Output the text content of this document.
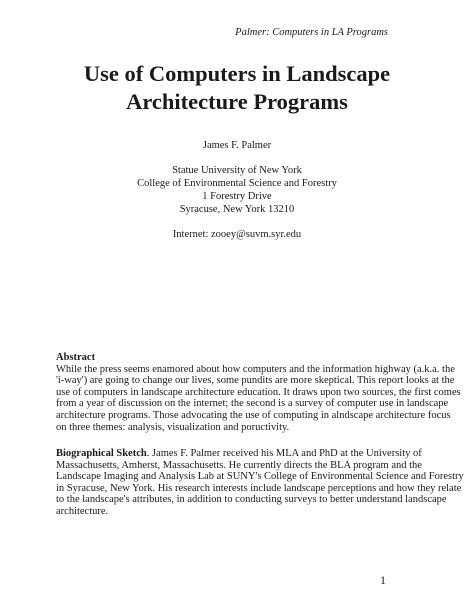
Palmer: Computers in LA Programs
Use of Computers in Landscape
Architecture Programs
James F. Palmer
Statue University of New York
College of Environmental Science and Forestry
1 Forestry Drive
Syracuse, New York 13210
Internet: zooey@suvm.syr.edu
Abstract
While the press seems enamored about how computers and the information highway (a.k.a. the
'i-way') are going to change our lives, some pundits are more skeptical. This report looks at the
use of computers in landscape architecture education. It draws upon two sources, the first comes
from a year of discussion on the internet; the second is a survey of computer use in landscape
architecture programs. Those advocating the use of computing in alndscape architecture focus
on three themes: analysis, visualization and poructivity.
Biographical Sketch. James F. Palmer received his MLA and PhD at the University of
Massachusetts, Amherst, Massachusetts. He currently directs the BLA program and the
Landscape Imaging and Analysis Lab at SUNY's College of Environmental Science and Forestry
in Syracuse, New York. His research interests include landscape perceptions and how they relate
to the landscape's attributes, in addition to conducting surveys to better understand landscape
architecture.
1
